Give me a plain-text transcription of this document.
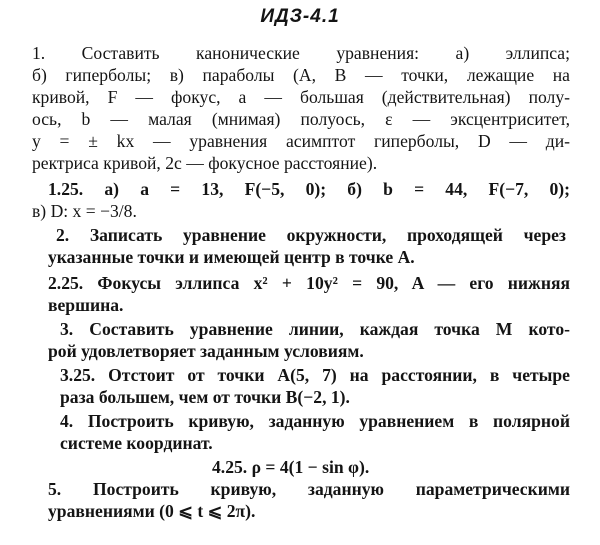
ИДЗ-4.1
1. Составить канонические уравнения: а) эллипса;
б) гиперболы; в) параболы (A, B — точки, лежащие на
кривой, F — фокус, a — большая (действительная) полу-
ось, b — малая (мнимая) полуось, ε — эксцентриситет,
y = ± kx — уравнения асимптот гиперболы, D — ди-
ректриса кривой, 2c — фокусное расстояние).
1.25. а) a = 13, F(−5, 0); б) b = 44, F(−7, 0);
в) D: x = −3/8.
2. Записать уравнение окружности, проходящей через
указанные точки и имеющей центр в точке A.
2.25. Фокусы эллипса x² + 10y² = 90, A — его нижняя
вершина.
3. Составить уравнение линии, каждая точка M кото-
рой удовлетворяет заданным условиям.
3.25. Отстоит от точки A(5, 7) на расстоянии, в четыре
раза большем, чем от точки B(−2, 1).
4. Построить кривую, заданную уравнением в полярной
системе координат.
4.25. ρ = 4(1 − sin φ).
5. Построить кривую, заданную параметрическими
уравнениями (0 ⩽ t ⩽ 2π).
